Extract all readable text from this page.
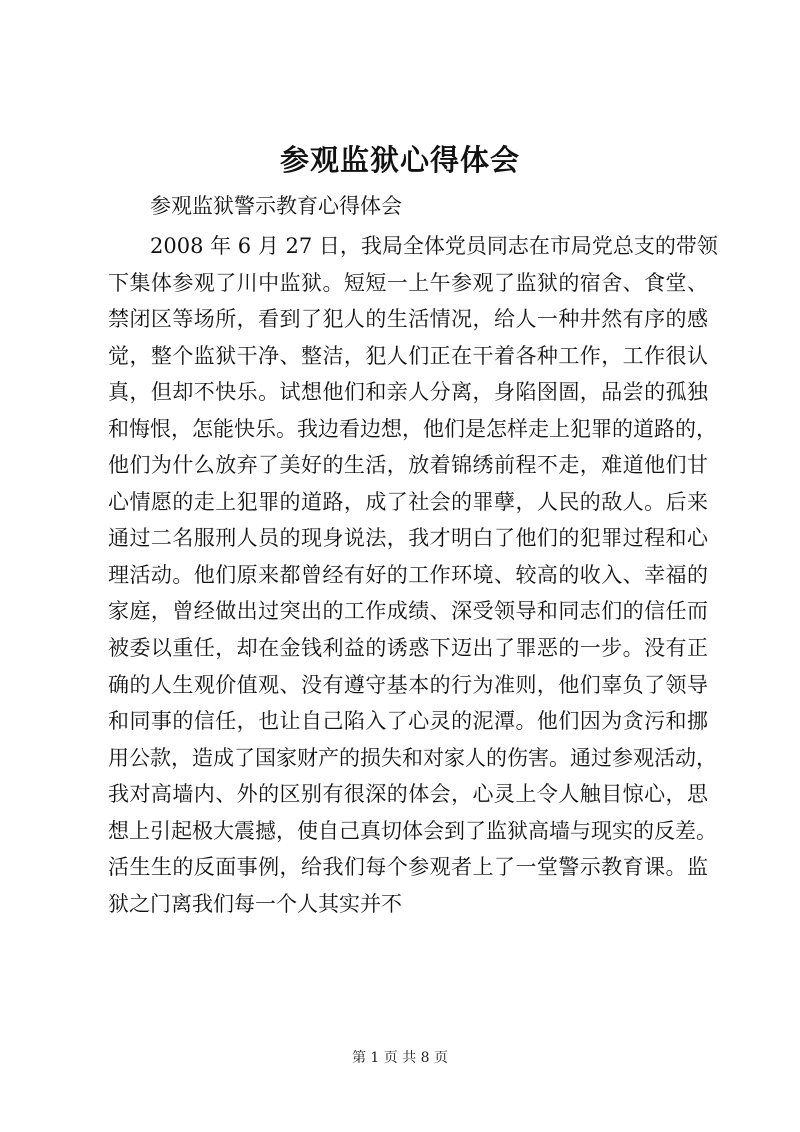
参观监狱心得体会
参观监狱警示教育心得体会
2008 年 6 月 27 日，我局全体党员同志在市局党总支的带领
下集体参观了川中监狱。短短一上午参观了监狱的宿舍、食堂、
禁闭区等场所，看到了犯人的生活情况，给人一种井然有序的感
觉，整个监狱干净、整洁，犯人们正在干着各种工作，工作很认
真，但却不快乐。试想他们和亲人分离，身陷囹圄，品尝的孤独
和悔恨，怎能快乐。我边看边想，他们是怎样走上犯罪的道路的，
他们为什么放弃了美好的生活，放着锦绣前程不走，难道他们甘
心情愿的走上犯罪的道路，成了社会的罪孽，人民的敌人。后来
通过二名服刑人员的现身说法，我才明白了他们的犯罪过程和心
理活动。他们原来都曾经有好的工作环境、较高的收入、幸福的
家庭，曾经做出过突出的工作成绩、深受领导和同志们的信任而
被委以重任，却在金钱利益的诱惑下迈出了罪恶的一步。没有正
确的人生观价值观、没有遵守基本的行为准则，他们辜负了领导
和同事的信任，也让自己陷入了心灵的泥潭。他们因为贪污和挪
用公款，造成了国家财产的损失和对家人的伤害。通过参观活动，
我对高墙内、外的区别有很深的体会，心灵上令人触目惊心，思
想上引起极大震撼，使自己真切体会到了监狱高墙与现实的反差。
活生生的反面事例，给我们每个参观者上了一堂警示教育课。监
狱之门离我们每一个人其实并不
第 1 页 共 8 页
